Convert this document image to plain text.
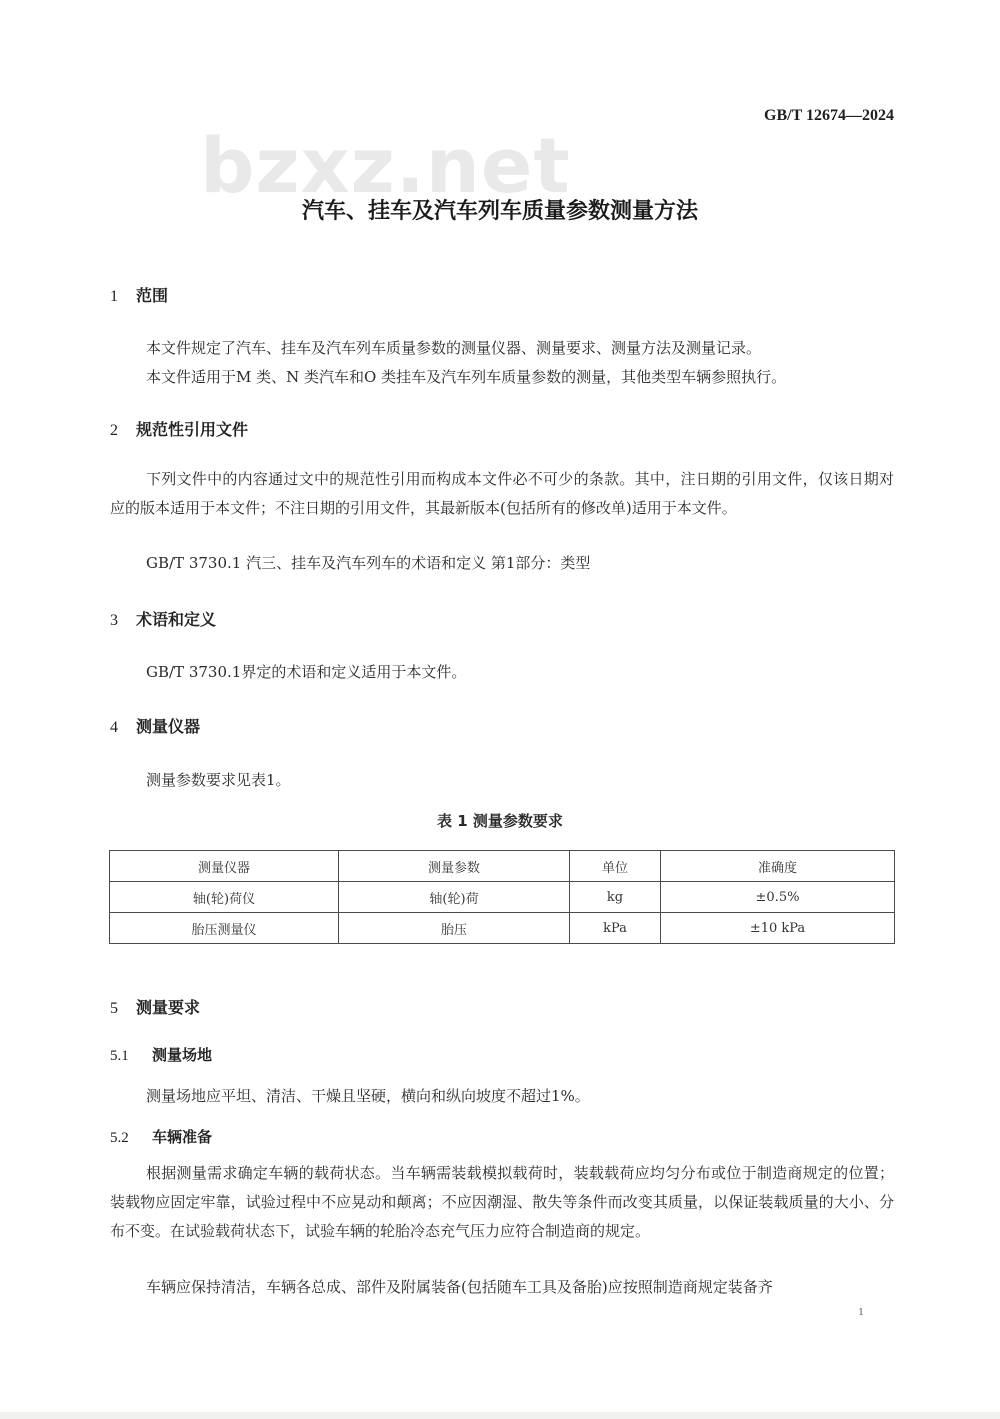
bzxz.net
GB/T 12674—2024
汽车、挂车及汽车列车质量参数测量方法
1 范围
本文件规定了汽车、挂车及汽车列车质量参数的测量仪器、测量要求、测量方法及测量记录。
本文件适用于M 类、N 类汽车和O 类挂车及汽车列车质量参数的测量，其他类型车辆参照执行。
2 规范性引用文件
下列文件中的内容通过文中的规范性引用而构成本文件必不可少的条款。其中，注日期的引用文件，仅该日期对应的版本适用于本文件；不注日期的引用文件，其最新版本(包括所有的修改单)适用于本文件。
GB/T 3730.1 汽三、挂车及汽车列车的术语和定义 第1部分：类型
3 术语和定义
GB/T 3730.1界定的术语和定义适用于本文件。
4 测量仪器
测量参数要求见表1。
表 1 测量参数要求
测量仪器	测量参数	单位	准确度
轴(轮)荷仪	轴(轮)荷	kg	±0.5%
胎压测量仪	胎压	kPa	±10 kPa
5 测量要求
5.1 测量场地
测量场地应平坦、清洁、干燥且坚硬，横向和纵向坡度不超过1%。
5.2 车辆准备
根据测量需求确定车辆的载荷状态。当车辆需装载模拟载荷时，装载载荷应均匀分布或位于制造商规定的位置；装载物应固定牢靠，试验过程中不应晃动和颠离；不应因潮湿、散失等条件而改变其质量，以保证装载质量的大小、分布不变。在试验载荷状态下，试验车辆的轮胎冷态充气压力应符合制造商的规定。
车辆应保持清洁，车辆各总成、部件及附属装备(包括随车工具及备胎)应按照制造商规定装备齐
1
